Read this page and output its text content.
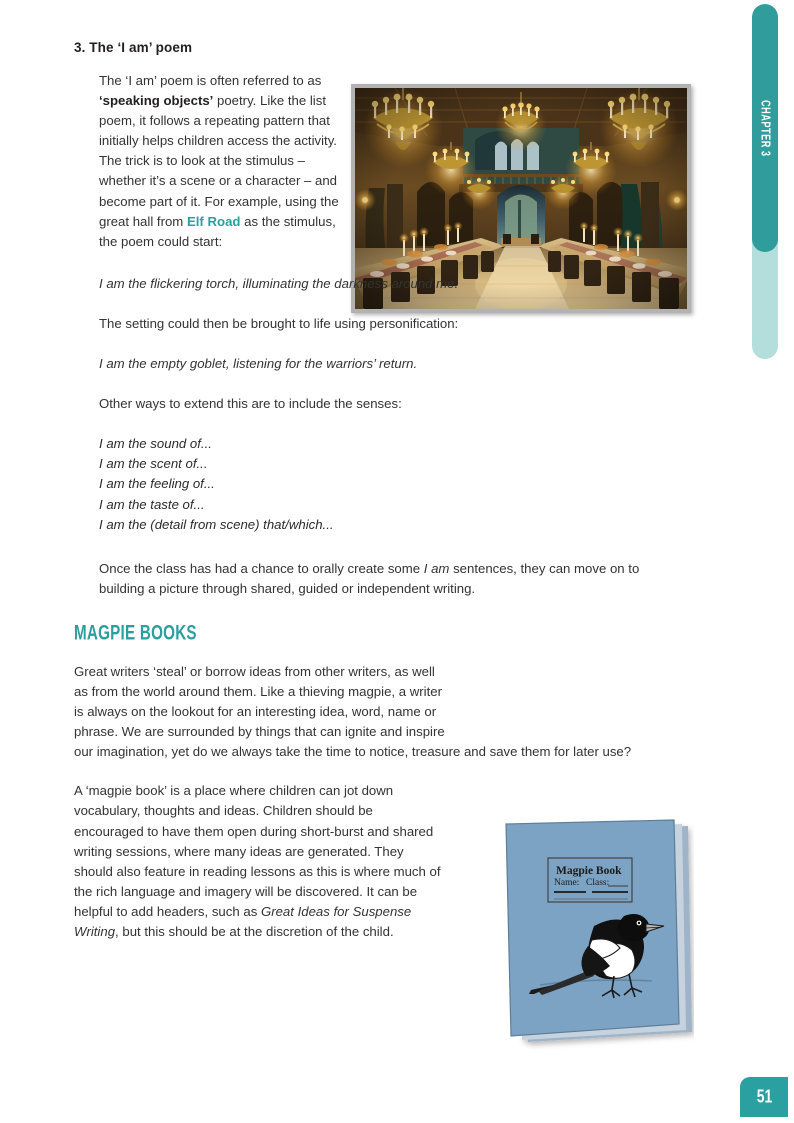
CHAPTER 3
51
Magpie Book
Name: Class:
3. The ‘I am’ poem

The ‘I am’ poem is often referred to as ‘speaking objects’ poetry. Like the list poem, it follows a repeating pattern that initially helps children access the activity. The trick is to look at the stimulus – whether it’s a scene or a character – and become part of it. For example, using the great hall from Elf Road as the stimulus, the poem could start:

I am the flickering torch, illuminating the darkness around me.

The setting could then be brought to life using personification:

I am the empty goblet, listening for the warriors’ return.

Other ways to extend this are to include the senses:

I am the sound of...
I am the scent of...
I am the feeling of...
I am the taste of...
I am the (detail from scene) that/which...

Once the class has had a chance to orally create some I am sentences, they can move on to building a picture through shared, guided or independent writing.

MAGPIE BOOKS

Great writers ‘steal’ or borrow ideas from other writers, as well as from the world around them. Like a thieving magpie, a writer is always on the lookout for an interesting idea, word, name or phrase. We are surrounded by things that can ignite and inspire our imagination, yet do we always take the time to notice, treasure and save them for later use?

A ‘magpie book’ is a place where children can jot down vocabulary, thoughts and ideas. Children should be encouraged to have them open during short-burst and shared writing sessions, where many ideas are generated. They should also feature in reading lessons as this is where much of the rich language and imagery will be discovered. It can be helpful to add headers, such as Great Ideas for Suspense Writing, but this should be at the discretion of the child.
